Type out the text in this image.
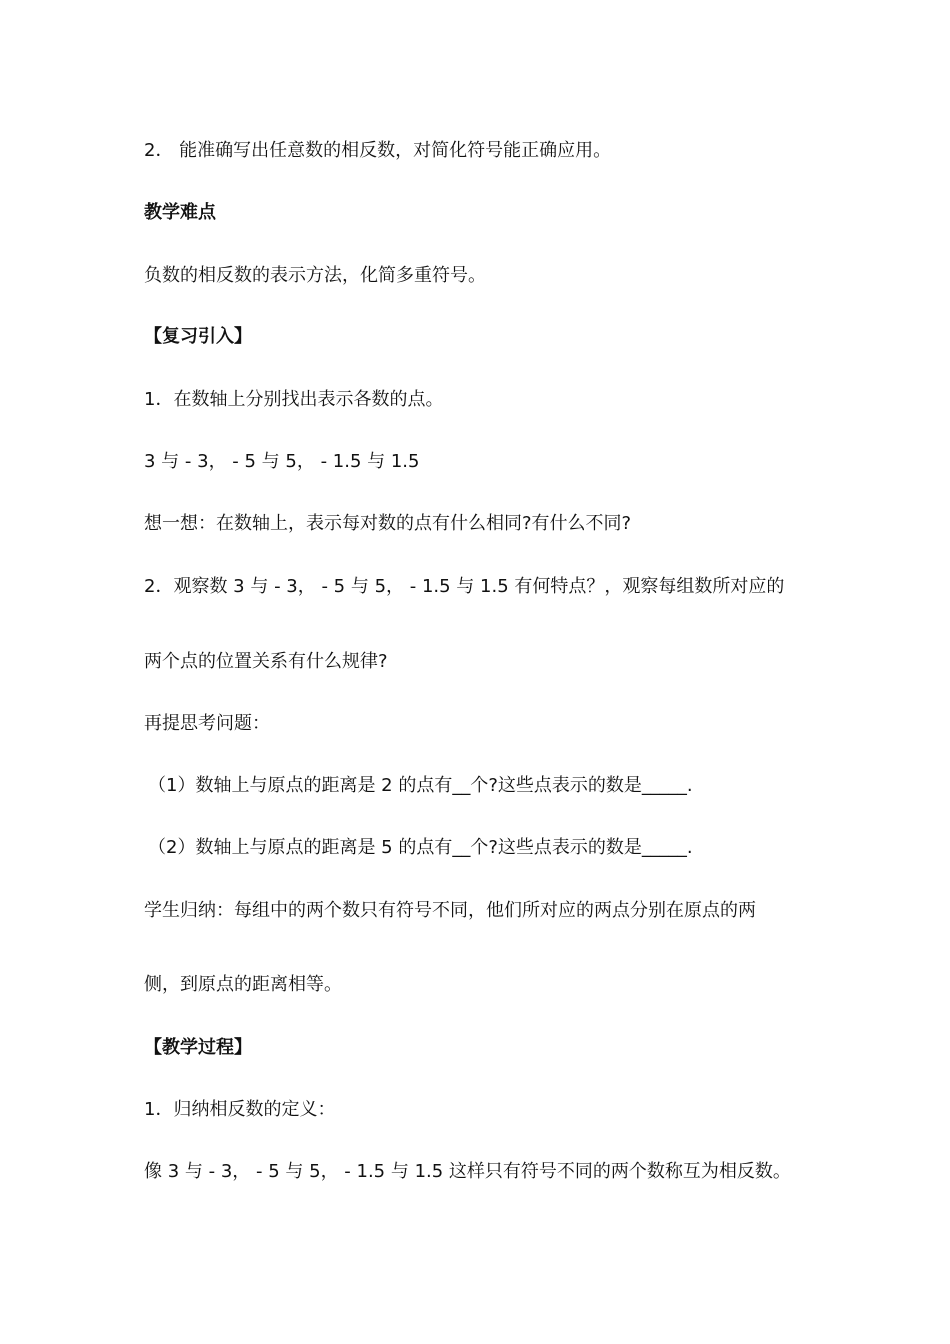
2． 能准确写出任意数的相反数，对简化符号能正确应用。
教学难点
负数的相反数的表示方法，化简多重符号。
【复习引入】
1．在数轴上分别找出表示各数的点。
3 与 - 3， - 5 与 5， - 1.5 与 1.5
想一想：在数轴上，表示每对数的点有什么相同?有什么不同?
2．观察数 3 与 - 3， - 5 与 5， - 1.5 与 1.5 有何特点？，观察每组数所对应的
两个点的位置关系有什么规律?
再提思考问题：
（1）数轴上与原点的距离是 2 的点有__个?这些点表示的数是_____.
（2）数轴上与原点的距离是 5 的点有__个?这些点表示的数是_____.
学生归纳：每组中的两个数只有符号不同，他们所对应的两点分别在原点的两
侧，到原点的距离相等。
【教学过程】
1．归纳相反数的定义：
像 3 与 - 3， - 5 与 5， - 1.5 与 1.5 这样只有符号不同的两个数称互为相反数。
